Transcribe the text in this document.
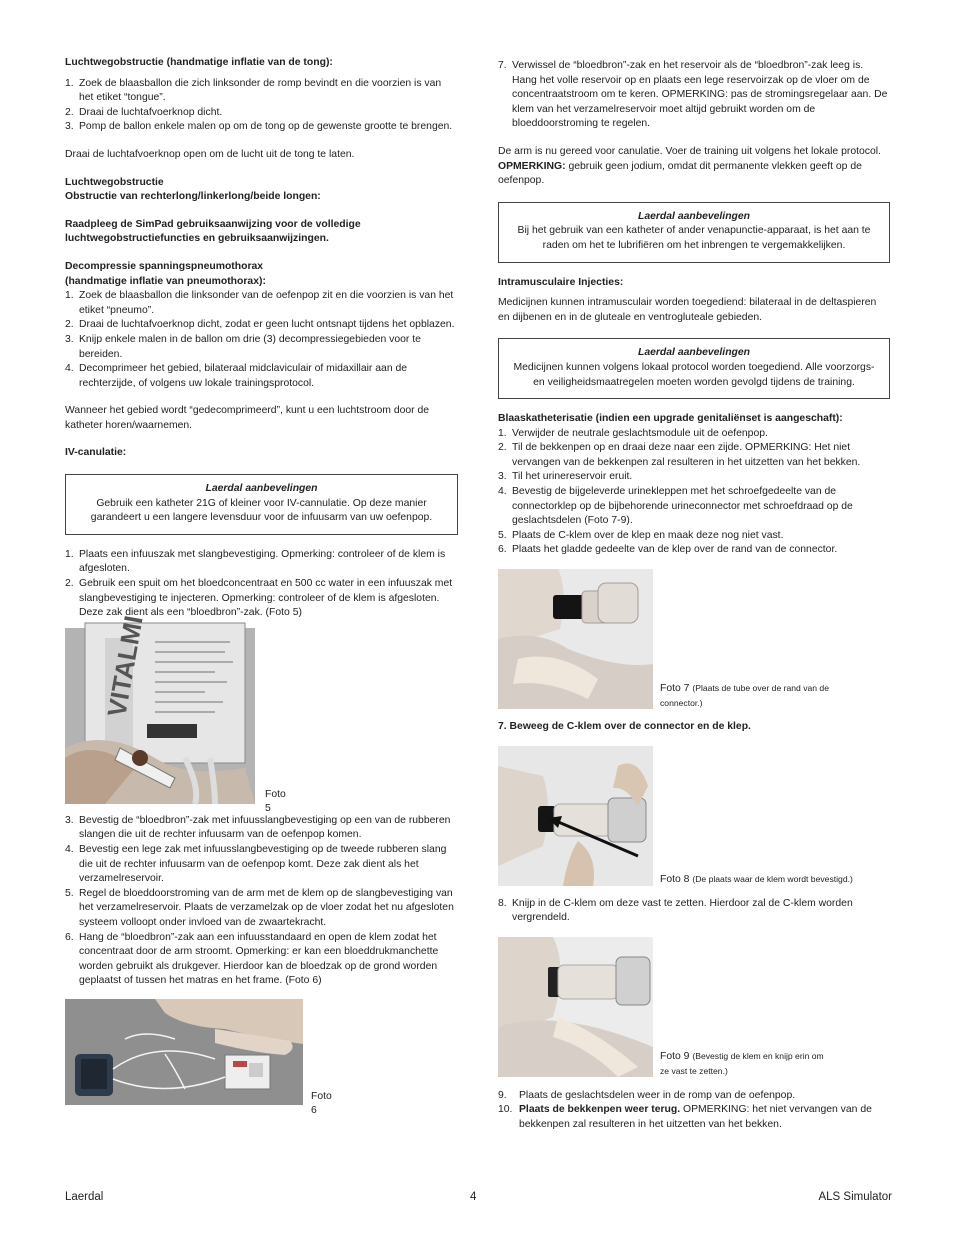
Luchtwegobstructie (handmatige inflatie van de tong):

1. Zoek de blaasballon die zich linksonder de romp bevindt en die voorzien is van het etiket “tongue”.
2. Draai de luchtafvoerknop dicht.
3. Pomp de ballon enkele malen op om de tong op de gewenste grootte te brengen.

Draai de luchtafvoerknop open om de lucht uit de tong te laten.

Luchtwegobstructie

Obstructie van rechterlong/linkerlong/beide longen:

Raadpleeg de SimPad gebruiksaanwijzing voor de volledige luchtwegobstructiefuncties en gebruiksaanwijzingen.

Decompressie spanningspneumothorax

(handmatige inflatie van pneumothorax):

1. Zoek de blaasballon die linksonder van de oefenpop zit en die voorzien is van het etiket “pneumo”.
2. Draai de luchtafvoerknop dicht, zodat er geen lucht ontsnapt tijdens het opblazen.
3. Knijp enkele malen in de ballon om drie (3) decompressiegebieden voor te bereiden.
4. Decomprimeer het gebied, bilateraal midclaviculair of midaxillair aan de rechterzijde, of volgens uw lokale trainingsprotocol.

Wanneer het gebied wordt “gedecomprimeerd”, kunt u een luchtstroom door de katheter horen/waarnemen.

IV-canulatie:

Laerdal aanbevelingen

Gebruik een katheter 21G of kleiner voor IV-cannulatie. Op deze manier garandeert u een langere levensduur voor de infuusarm van uw oefenpop.

1. Plaats een infuuszak met slangbevestiging. Opmerking: controleer of de klem is afgesloten.
2. Gebruik een spuit om het bloedconcentraat en 500 cc water in een infuuszak met slangbevestiging te injecteren. Opmerking: controleer of de klem is afgesloten. Deze zak dient als een “bloedbron”-zak. (Foto 5)
VITALMI
Foto 5
3. Bevestig de “bloedbron”-zak met infuusslangbevestiging op een van de rubberen slangen die uit de rechter infuusarm van de oefenpop komen.
4. Bevestig een lege zak met infuusslangbevestiging op de tweede rubberen slang die uit de rechter infuusarm van de oefenpop komt. Deze zak dient als het verzamelreservoir.
5. Regel de bloeddoorstroming van de arm met de klem op de slangbevestiging van het verzamelreservoir. Plaats de verzamelzak op de vloer zodat het nu afgesloten systeem volloopt onder invloed van de zwaartekracht.
6. Hang de “bloedbron”-zak aan een infuusstandaard en open de klem zodat het concentraat door de arm stroomt. Opmerking: er kan een bloeddrukmanchette worden gebruikt als drukgever. Hierdoor kan de bloedzak op de grond worden geplaatst of tussen het matras en het frame. (Foto 6)
Foto 6
7. Verwissel de “bloedbron”-zak en het reservoir als de “bloedbron”-zak leeg is. Hang het volle reservoir op en plaats een lege reservoirzak op de vloer om de concentraatstroom om te keren. OPMERKING: pas de stromingsregelaar aan. De klem van het verzamelreservoir moet altijd gebruikt worden om de bloeddoorstroming te regelen.

De arm is nu gereed voor canulatie. Voer de training uit volgens het lokale protocol. OPMERKING: gebruik geen jodium, omdat dit permanente vlekken geeft op de oefenpop.

Laerdal aanbevelingen

Bij het gebruik van een katheter of ander venapunctie-apparaat, is het aan te raden om het te lubrifiëren om het inbrengen te vergemakkelijken.

Intramusculaire Injecties:

Medicijnen kunnen intramusculair worden toegediend: bilateraal in de deltaspieren en dijbenen en in de gluteale en ventrogluteale gebieden.

Laerdal aanbevelingen

Medicijnen kunnen volgens lokaal protocol worden toegediend. Alle voorzorgs- en veiligheidsmaatregelen moeten worden gevolgd tijdens de training.

Blaaskatheterisatie (indien een upgrade genitaliënset is aangeschaft):

1. Verwijder de neutrale geslachtsmodule uit de oefenpop.
2. Til de bekkenpen op en draai deze naar een zijde. OPMERKING: Het niet vervangen van de bekkenpen zal resulteren in het uitzetten van het bekken.
3. Til het urinereservoir eruit.
4. Bevestig de bijgeleverde urinekleppen met het schroefgedeelte van de connectorklep op de bijbehorende urineconnector met schroefdraad op de geslachtsdelen (Foto 7-9).
5. Plaats de C-klem over de klep en maak deze nog niet vast.
6. Plaats het gladde gedeelte van de klep over de rand van de connector.
Foto 7 (Plaats de tube over de rand van de connector.)

7. Beweeg de C-klem over de connector en de klep.

Foto 8 (De plaats waar de klem wordt bevestigd.)
8. Knijp in de C-klem om deze vast te zetten. Hierdoor zal de C-klem worden vergrendeld.
Foto 9 (Bevestig de klem en knijp erin om ze vast te zetten.)
9. Plaats de geslachtsdelen weer in de romp van de oefenpop.
10. Plaats de bekkenpen weer terug. OPMERKING: het niet vervangen van de bekkenpen zal resulteren in het uitzetten van het bekken.
Laerdal	4	ALS Simulator
